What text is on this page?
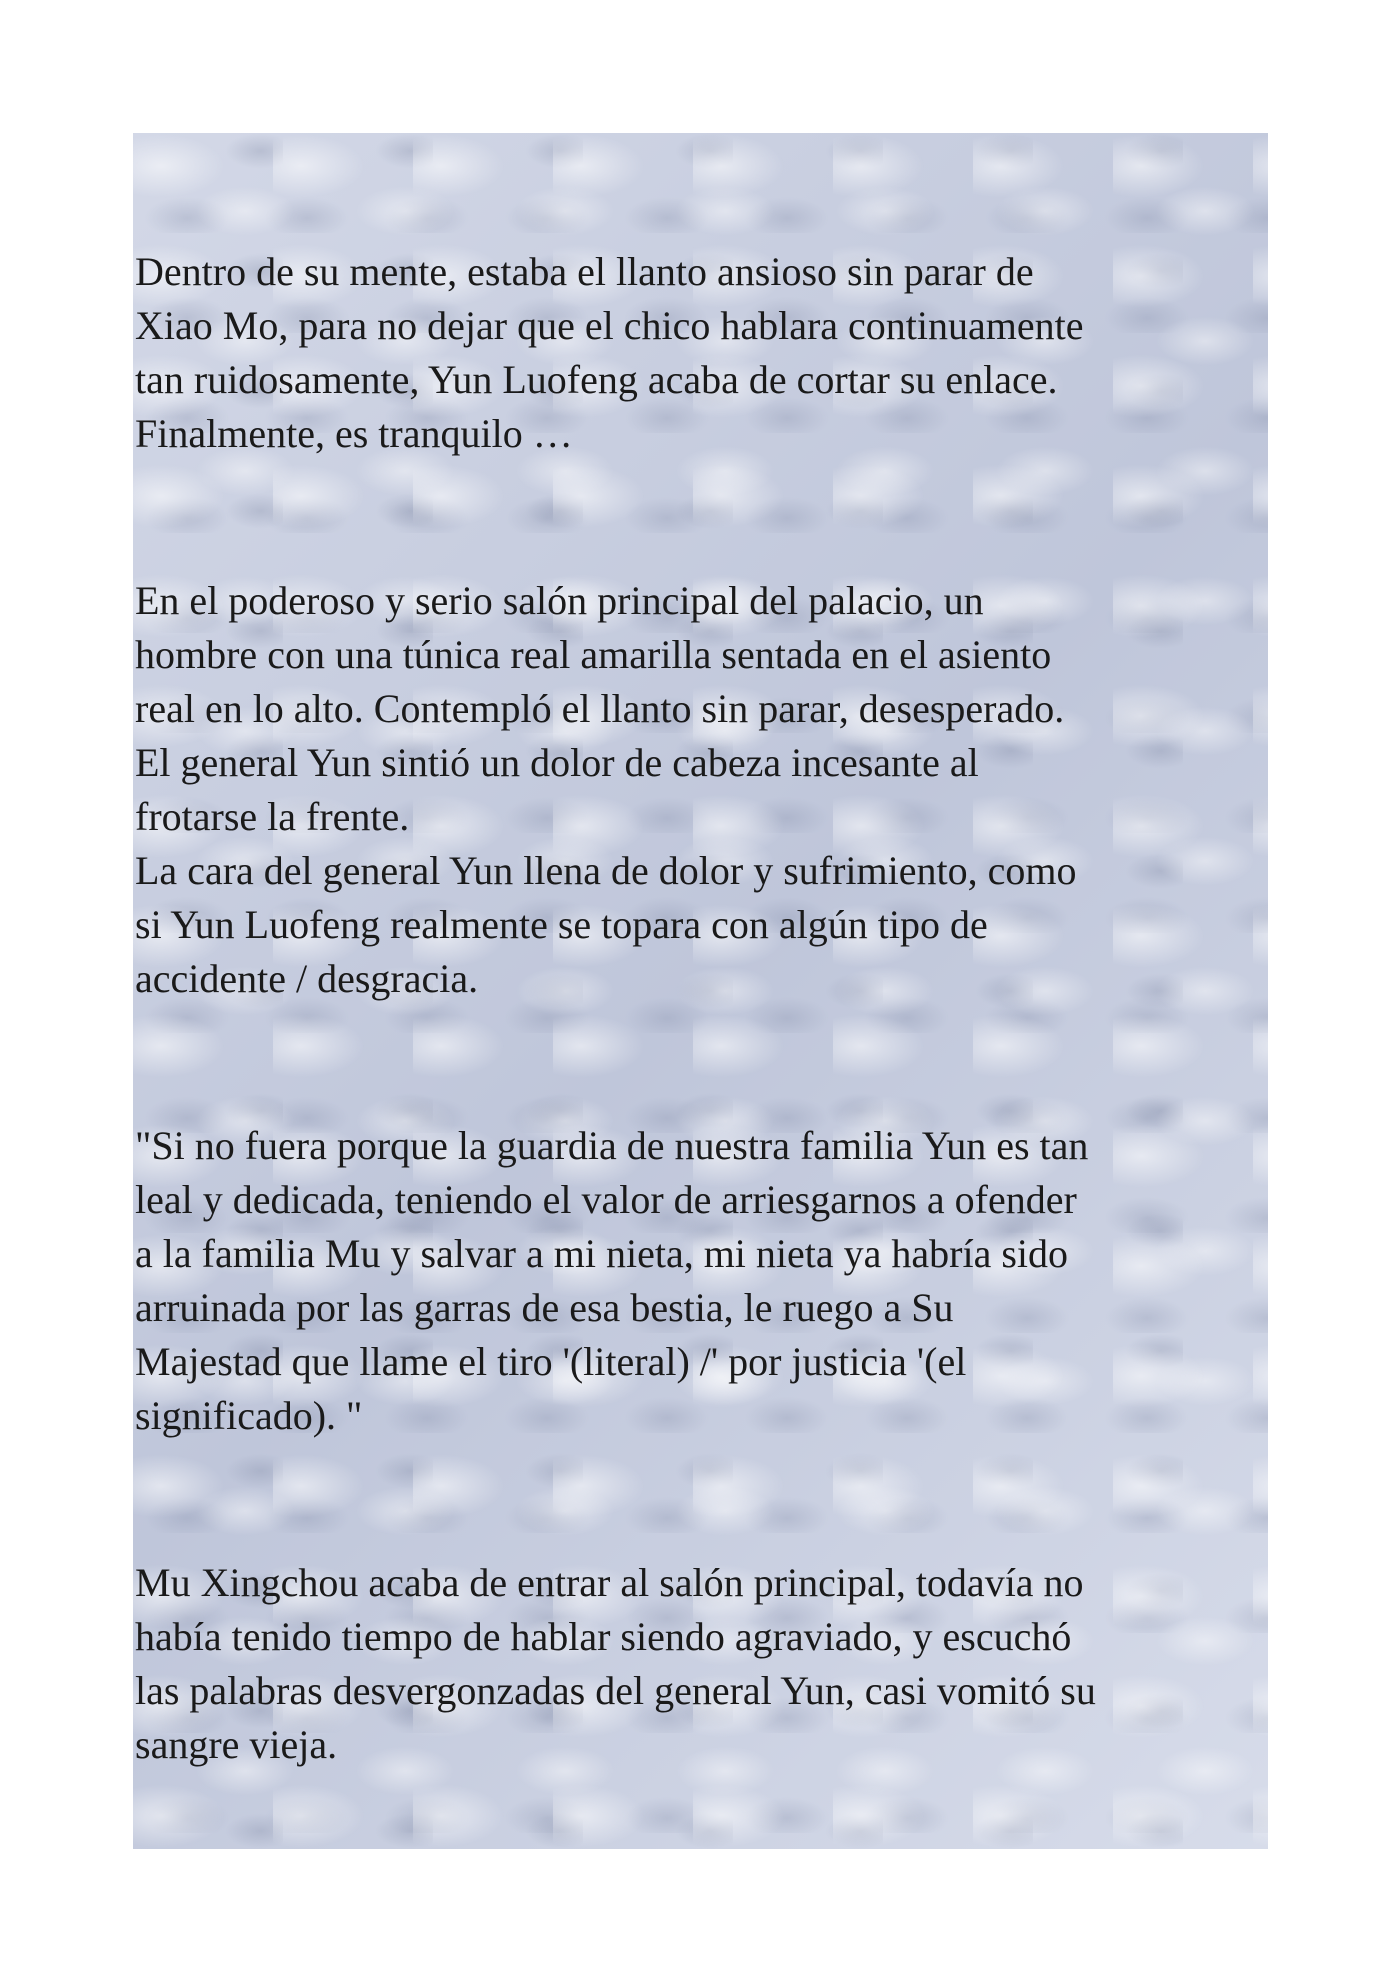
Dentro de su mente, estaba el llanto ansioso sin parar de
Xiao Mo, para no dejar que el chico hablara continuamente
tan ruidosamente, Yun Luofeng acaba de cortar su enlace.
Finalmente, es tranquilo …

En el poderoso y serio salón principal del palacio, un
hombre con una túnica real amarilla sentada en el asiento
real en lo alto. Contempló el llanto sin parar, desesperado.
El general Yun sintió un dolor de cabeza incesante al
frotarse la frente.
La cara del general Yun llena de dolor y sufrimiento, como
si Yun Luofeng realmente se topara con algún tipo de
accidente / desgracia.

"Si no fuera porque la guardia de nuestra familia Yun es tan
leal y dedicada, teniendo el valor de arriesgarnos a ofender
a la familia Mu y salvar a mi nieta, mi nieta ya habría sido
arruinada por las garras de esa bestia, le ruego a Su
Majestad que llame el tiro '(literal) /' por justicia '(el
significado). "

Mu Xingchou acaba de entrar al salón principal, todavía no
había tenido tiempo de hablar siendo agraviado, y escuchó
las palabras desvergonzadas del general Yun, casi vomitó su
sangre vieja.
